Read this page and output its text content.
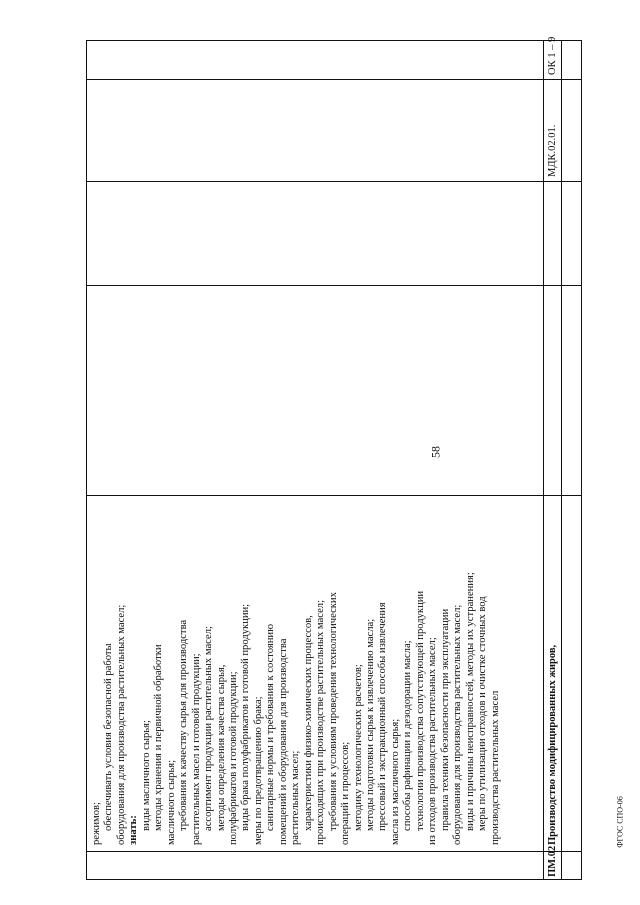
58
режимов; обеспечивать условия безопасной работы оборудования для производства растительных масел; знать: виды масличного сырья; методы хранения и первичной обработки масличного сырья; требования к качеству сырья для производства растительных масел и готовой продукции; ассортимент продукции растительных масел; методы определения качества сырья, полуфабрикатов и готовой продукции; виды брака полуфабрикатов и готовой продукции; меры по предотвращению брака; санитарные нормы и требования к состоянию помещений и оборудования для производства растительных масел; характеристики физико-химических процессов, происходящих при производстве растительных масел; требования к условиям проведения технологических операций и процессов; методику технологических расчетов; методы подготовки сырья к извлечению масла; прессовый и экстракционный способы извлечения масла из масличного сырья; способы рафинации и дезодорации масла; технологии производства сопутствующей продукции из отходов производства растительных масел; правила техники безопасности при эксплуатации оборудования для производства растительных масел; виды и причины неисправностей, методы их устранения; меры по утилизации отходов и очистке сточных вод производства растительных масел
ПМ.02
Производство модифицированных жиров,
МДК.02.01.
ОК 1 – 9
ФГОС СПО-06
